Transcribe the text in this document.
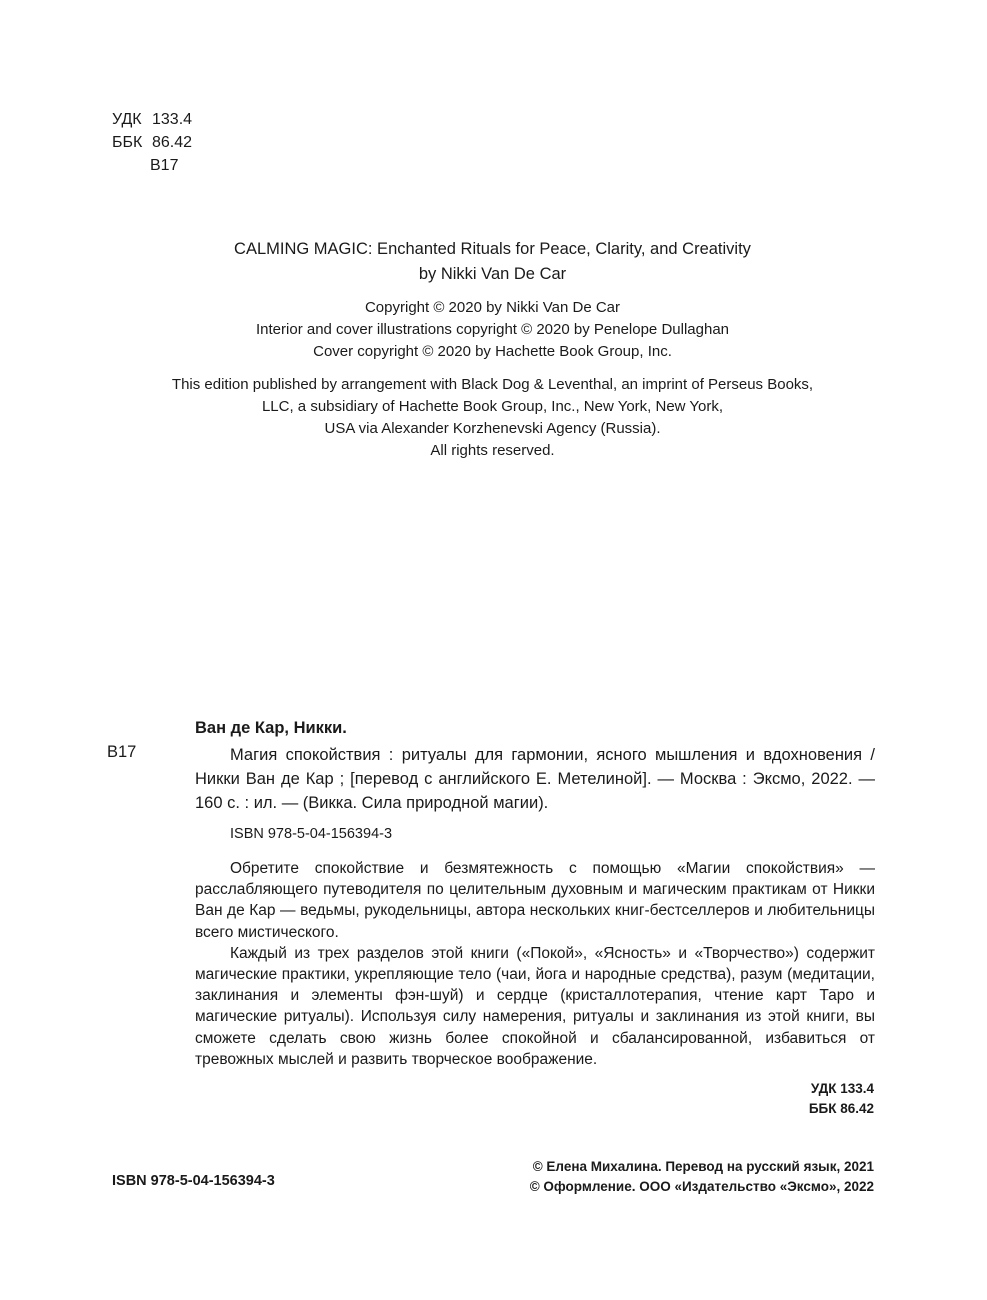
УДК 133.4
ББК 86.42
В17
CALMING MAGIC: Enchanted Rituals for Peace, Clarity, and Creativity
by Nikki Van De Car
Copyright © 2020 by Nikki Van De Car
Interior and cover illustrations copyright © 2020 by Penelope Dullaghan
Cover copyright © 2020 by Hachette Book Group, Inc.
This edition published by arrangement with Black Dog & Leventhal, an imprint of Perseus Books,
LLC, a subsidiary of Hachette Book Group, Inc., New York, New York,
USA via Alexander Korzhenevski Agency (Russia).
All rights reserved.
Ван де Кар, Никки.
В17	Магия спокойствия : ритуалы для гармонии, ясного мышления и вдохновения / Никки Ван де Кар ; [перевод с английского Е. Метелиной]. — Москва : Эксмо, 2022. — 160 с. : ил. — (Викка. Сила природной магии).
ISBN 978-5-04-156394-3

Обретите спокойствие и безмятежность с помощью «Магии спокойствия» — расслабляющего путеводителя по целительным духовным и магическим практикам от Никки Ван де Кар — ведьмы, рукодельницы, автора нескольких книг-бестселлеров и любительницы всего мистического.

Каждый из трех разделов этой книги («Покой», «Ясность» и «Творчество») содержит магические практики, укрепляющие тело (чаи, йога и народные средства), разум (медитации, заклинания и элементы фэн-шуй) и сердце (кристаллотерапия, чтение карт Таро и магические ритуалы). Используя силу намерения, ритуалы и заклинания из этой книги, вы сможете сделать свою жизнь более спокойной и сбалансированной, избавиться от тревожных мыслей и развить творческое воображение.

УДК 133.4
ББК 86.42
ISBN 978-5-04-156394-3
© Елена Михалина. Перевод на русский язык, 2021
© Оформление. ООО «Издательство «Эксмо», 2022
